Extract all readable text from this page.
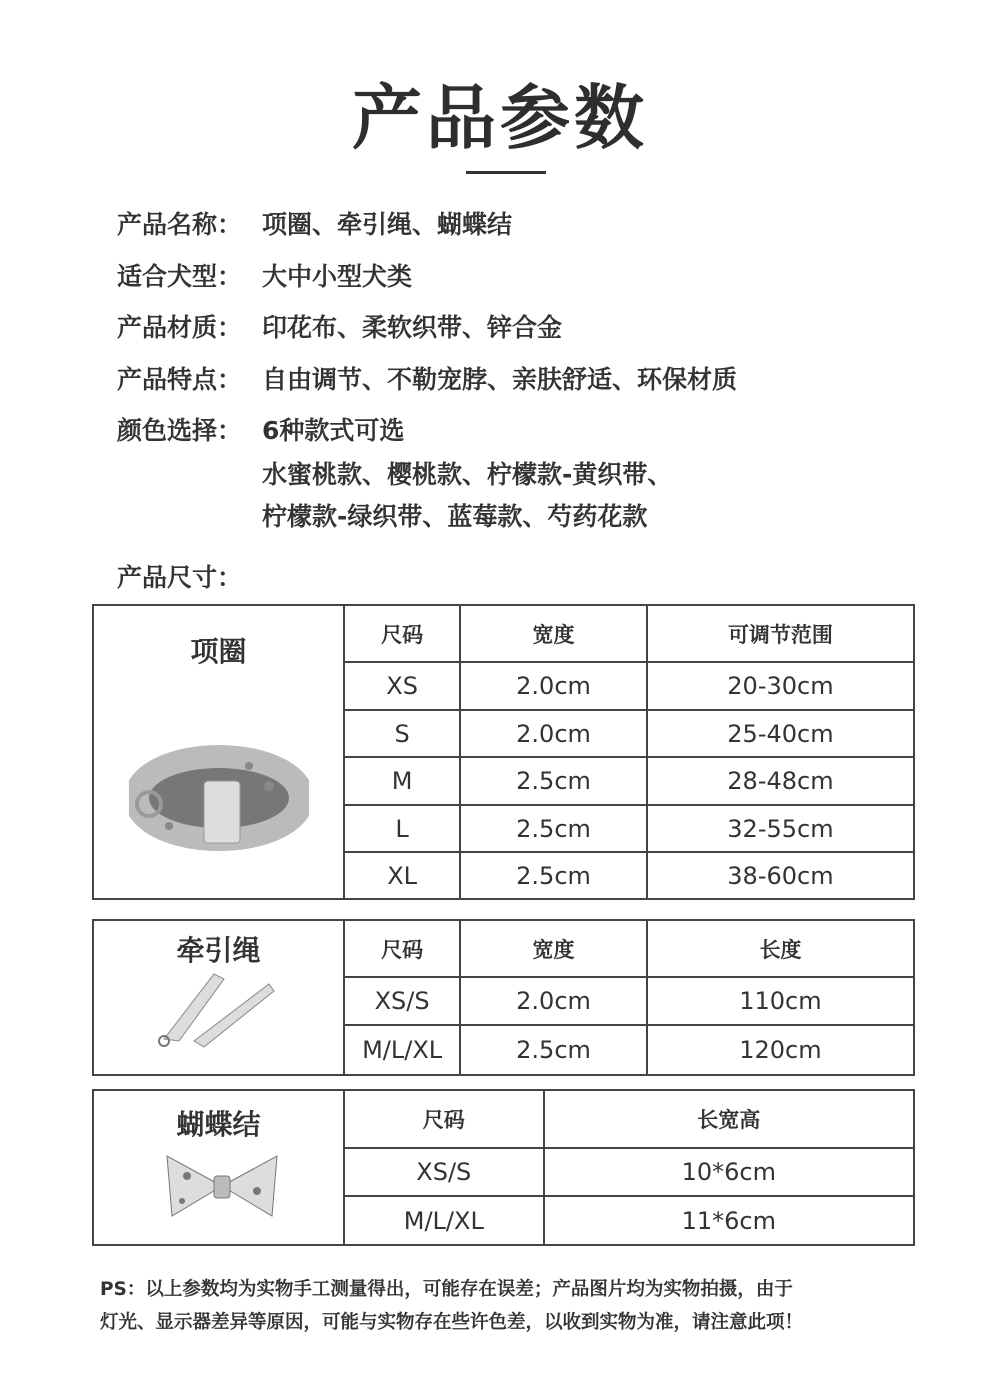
产品参数
产品名称： 项圈、牵引绳、蝴蝶结
适合犬型： 大中小型犬类
产品材质： 印花布、柔软织带、锌合金
产品特点： 自由调节、不勒宠脖、亲肤舒适、环保材质
颜色选择： 6种款式可选
水蜜桃款、樱桃款、柠檬款-黄织带、
柠檬款-绿织带、蓝莓款、芍药花款
产品尺寸：
项圈
尺码	宽度	可调节范围
XS	2.0cm	20-30cm
S	2.0cm	25-40cm
M	2.5cm	28-48cm
L	2.5cm	32-55cm
XL	2.5cm	38-60cm
牵引绳	尺码	宽度	长度
XS/S	2.0cm	110cm
M/L/XL	2.5cm	120cm
蝴蝶结	尺码	长宽高
XS/S	10*6cm
M/L/XL	11*6cm
PS：以上参数均为实物手工测量得出，可能存在误差；产品图片均为实物拍摄，由于
灯光、显示器差异等原因，可能与实物存在些许色差，以收到实物为准，请注意此项！
